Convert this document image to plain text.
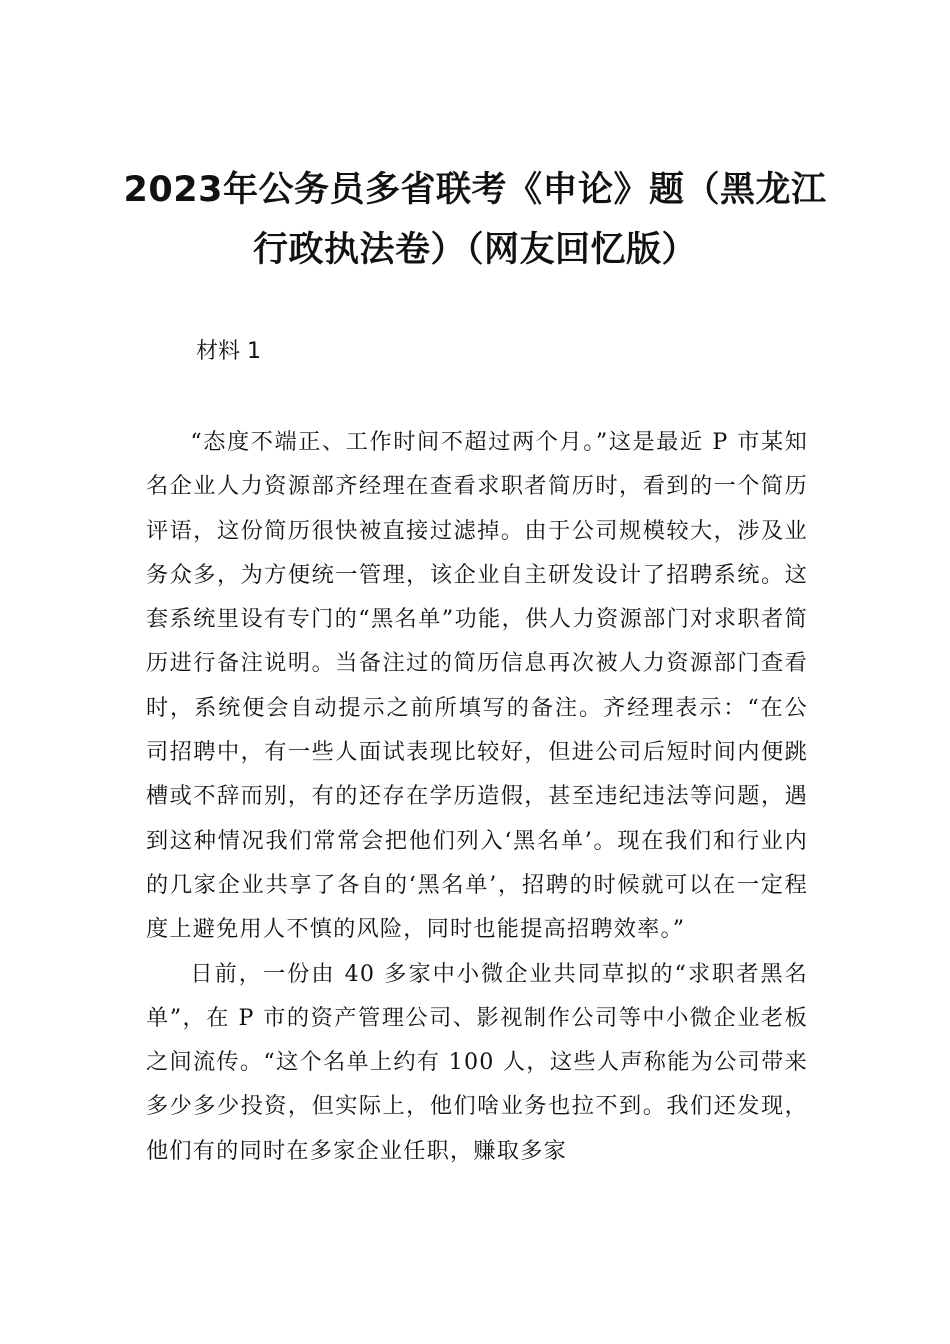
2023年公务员多省联考《申论》题（黑龙江行政执法卷）（网友回忆版）
材料 1

“态度不端正、工作时间不超过两个月。”这是最近 P 市某知名企业人力资源部齐经理在查看求职者简历时，看到的一个简历评语，这份简历很快被直接过滤掉。由于公司规模较大，涉及业务众多，为方便统一管理，该企业自主研发设计了招聘系统。这套系统里设有专门的“黑名单”功能，供人力资源部门对求职者简历进行备注说明。当备注过的简历信息再次被人力资源部门查看时，系统便会自动提示之前所填写的备注。齐经理表示：“在公司招聘中，有一些人面试表现比较好，但进公司后短时间内便跳槽或不辞而别，有的还存在学历造假，甚至违纪违法等问题，遇到这种情况我们常常会把他们列入‘黑名单’。现在我们和行业内的几家企业共享了各自的‘黑名单’，招聘的时候就可以在一定程度上避免用人不慎的风险，同时也能提高招聘效率。”

日前，一份由 40 多家中小微企业共同草拟的“求职者黑名单”，在 P 市的资产管理公司、影视制作公司等中小微企业老板之间流传。“这个名单上约有 100 人，这些人声称能为公司带来多少多少投资，但实际上，他们啥业务也拉不到。我们还发现，他们有的同时在多家企业任职，赚取多家
